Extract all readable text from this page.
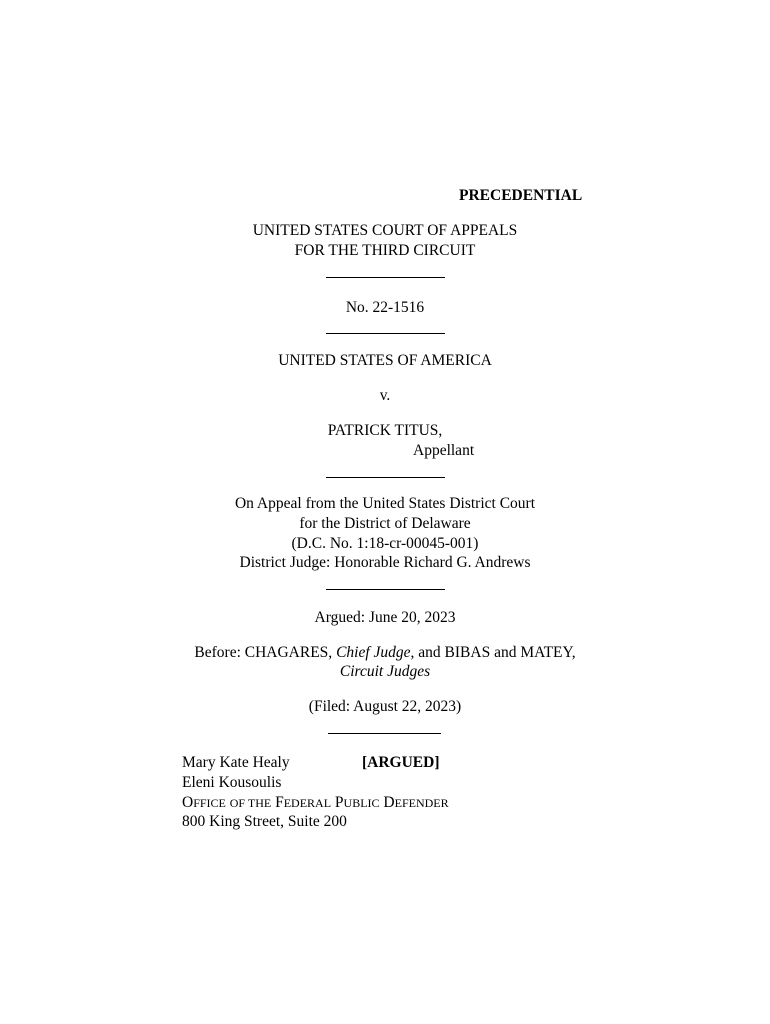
PRECEDENTIAL
UNITED STATES COURT OF APPEALS
FOR THE THIRD CIRCUIT
No. 22-1516
UNITED STATES OF AMERICA
v.
PATRICK TITUS,
Appellant
On Appeal from the United States District Court
for the District of Delaware
(D.C. No. 1:18-cr-00045-001)
District Judge: Honorable Richard G. Andrews
Argued: June 20, 2023
Before: CHAGARES, Chief Judge, and BIBAS and MATEY,
Circuit Judges
(Filed: August 22, 2023)
Mary Kate Healy	[ARGUED]
Eleni Kousoulis
OFFICE OF THE FEDERAL PUBLIC DEFENDER
800 King Street, Suite 200
